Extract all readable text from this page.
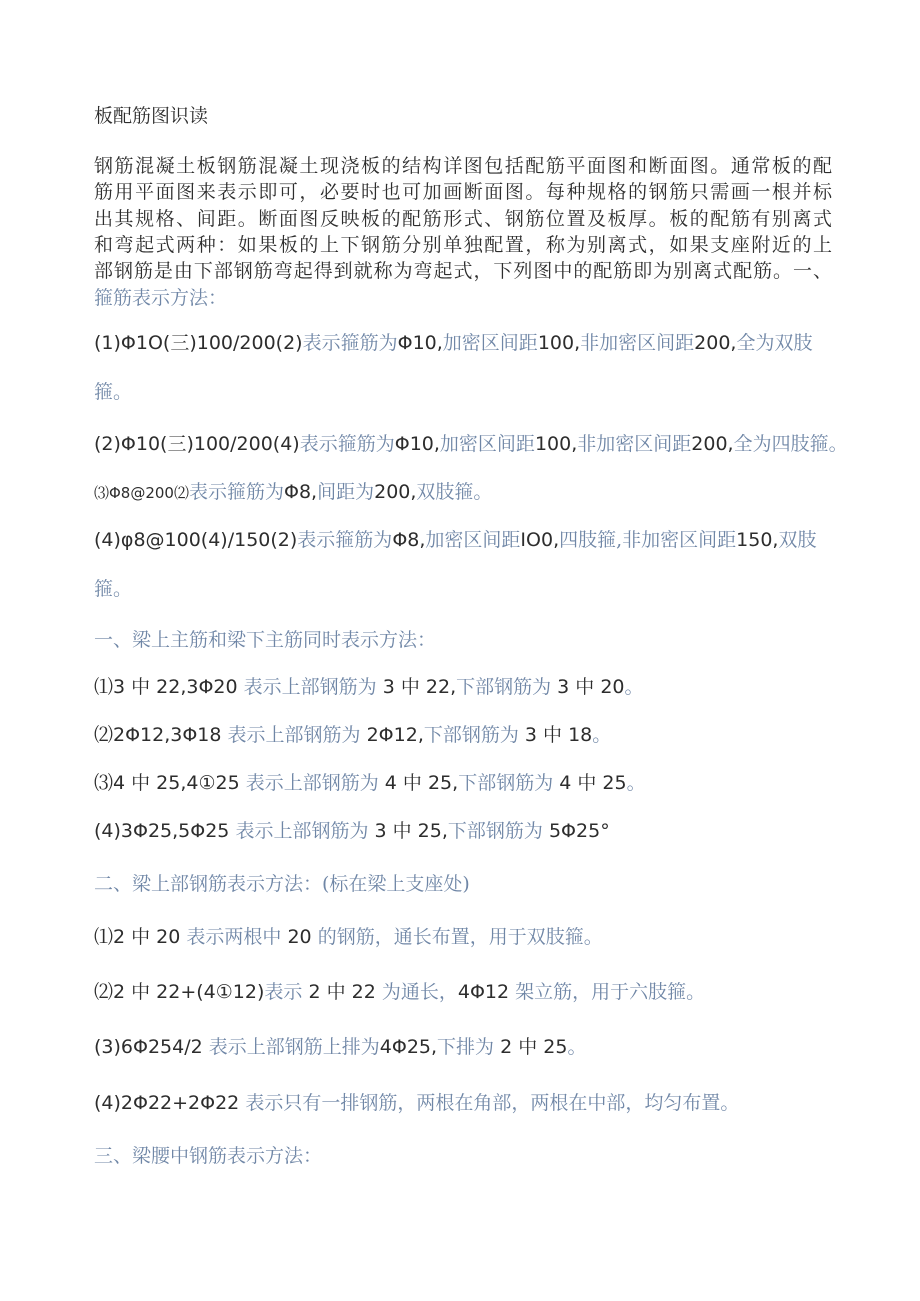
板配筋图识读
钢筋混凝土板钢筋混凝土现浇板的结构详图包括配筋平面图和断面图。通常板的配
筋用平面图来表示即可，必要时也可加画断面图。每种规格的钢筋只需画一根并标
出其规格、间距。断面图反映板的配筋形式、钢筋位置及板厚。板的配筋有别离式
和弯起式两种：如果板的上下钢筋分别单独配置，称为别离式，如果支座附近的上
部钢筋是由下部钢筋弯起得到就称为弯起式，下列图中的配筋即为别离式配筋。一、
箍筋表示方法：
(1)Φ1O(三)100/200(2)表示箍筋为Φ10,加密区间距100,非加密区间距200,全为双肢
箍。
(2)Φ10(三)100/200(4)表示箍筋为Φ10,加密区间距100,非加密区间距200,全为四肢箍。
⑶Φ8@200⑵表示箍筋为Φ8,间距为200,双肢箍。
(4)φ8@100(4)/150(2)表示箍筋为Φ8,加密区间距IO0,四肢箍,非加密区间距150,双肢
箍。
一、梁上主筋和梁下主筋同时表示方法：
⑴3 中 22,3Φ20 表示上部钢筋为 3 中 22,下部钢筋为 3 中 20。
⑵2Φ12,3Φ18 表示上部钢筋为 2Φ12,下部钢筋为 3 中 18。
⑶4 中 25,4①25 表示上部钢筋为 4 中 25,下部钢筋为 4 中 25。
(4)3Φ25,5Φ25 表示上部钢筋为 3 中 25,下部钢筋为 5Φ25°
二、梁上部钢筋表示方法：(标在梁上支座处)
⑴2 中 20 表示两根中 20 的钢筋，通长布置，用于双肢箍。
⑵2 中 22+(4①12)表示 2 中 22 为通长，4Φ12 架立筋，用于六肢箍。
(3)6Φ254/2 表示上部钢筋上排为4Φ25,下排为 2 中 25。
(4)2Φ22+2Φ22 表示只有一排钢筋，两根在角部，两根在中部，均匀布置。
三、梁腰中钢筋表示方法：
